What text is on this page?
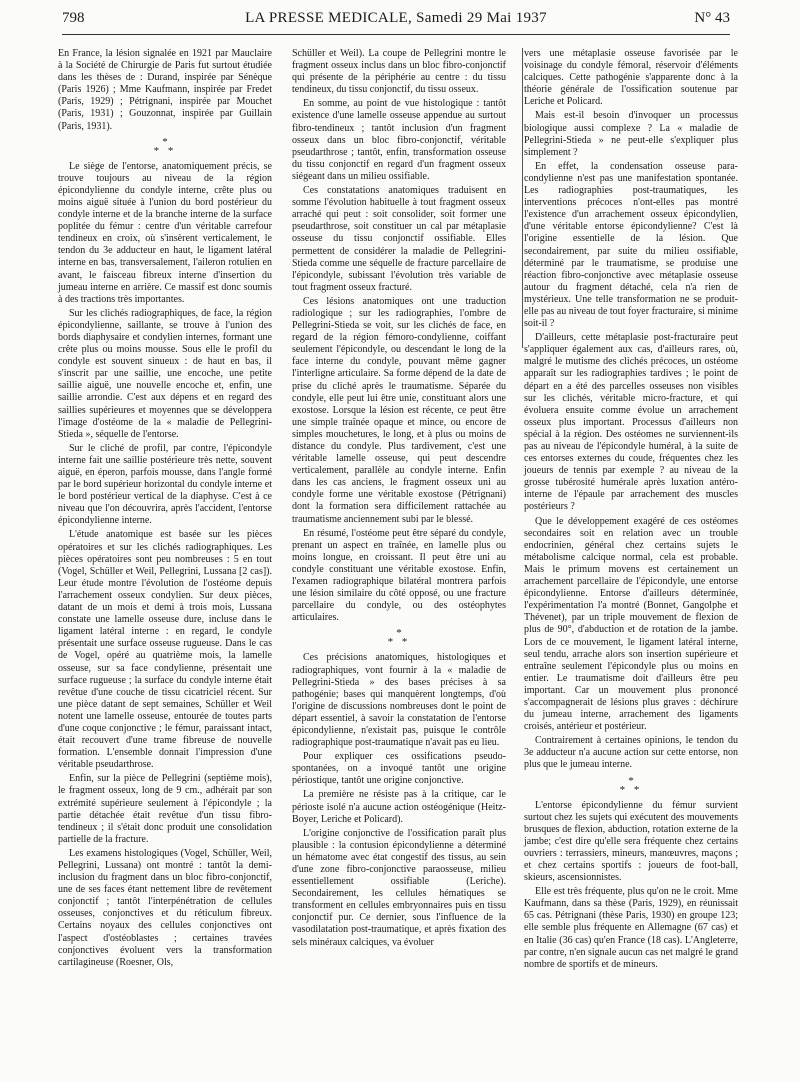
798	LA PRESSE MEDICALE, Samedi 29 Mai 1937	N° 43

En France, la lésion signalée en 1921 par Mauclaire à la Société de Chirurgie de Paris fut surtout étudiée dans les thèses de : Durand, inspirée par Sénèque (Paris 1926) ; Mme Kaufmann, inspirée par Fredet (Paris, 1929) ; Pétrignani, inspirée par Mouchet (Paris, 1931) ; Gouzonnat, inspirée par Guillain (Paris, 1931).

*
* *

Le siège de l'entorse, anatomiquement précis, se trouve toujours au niveau de la région épicondylienne du condyle interne, crête plus ou moins aiguë située à l'union du bord postérieur du condyle interne et de la branche interne de la surface poplitée du fémur : centre d'un véritable carrefour tendineux en croix, où s'insèrent verticalement, le tendon du 3e adducteur en haut, le ligament latéral interne en bas, transversalement, l'aileron rotulien en avant, le faisceau fibreux interne d'insertion du jumeau interne en arrière. Ce massif est donc soumis à des tractions très importantes.

Sur les clichés radiographiques, de face, la région épicondylienne, saillante, se trouve à l'union des bords diaphysaire et condylien internes, formant une crête plus ou moins mousse. Sous elle le profil du condyle est souvent sinueux : de haut en bas, il s'inscrit par une saillie, une encoche, une petite saillie aiguë, une nouvelle encoche et, enfin, une saillie arrondie. C'est aux dépens et en regard des saillies supérieures et moyennes que se développera l'image d'ostéome de la « maladie de Pellegrini-Stieda », séquelle de l'entorse.

Sur le cliché de profil, par contre, l'épicondyle interne fait une saillie postérieure très nette, souvent aiguë, en éperon, parfois mousse, dans l'angle formé par le bord supérieur horizontal du condyle interne et le bord postérieur vertical de la diaphyse. C'est à ce niveau que l'on découvrira, après l'accident, l'entorse épicondylienne interne.

L'étude anatomique est basée sur les pièces opératoires et sur les clichés radiographiques. Les pièces opératoires sont peu nombreuses : 5 en tout (Vogel, Schüller et Weil, Pellegrini, Lussana [2 cas]). Leur étude montre l'évolution de l'ostéome depuis l'arrachement osseux condylien. Sur deux pièces, datant de un mois et demi à trois mois, Lussana constate une lamelle osseuse dure, incluse dans le ligament latéral interne : en regard, le condyle présentait une surface osseuse rugueuse. Dans le cas de Vogel, opéré au quatrième mois, la lamelle osseuse, sur sa face condylienne, présentait une surface rugueuse ; la surface du condyle interne était revêtue d'une couche de tissu cicatriciel récent. Sur une pièce datant de sept semaines, Schüller et Weil notent une lamelle osseuse, entourée de toutes parts d'une coque conjonctive ; le fémur, paraissant intact, était recouvert d'une trame fibreuse de nouvelle formation. L'ensemble donnait l'impression d'une véritable pseudarthrose.

Enfin, sur la pièce de Pellegrini (septième mois), le fragment osseux, long de 9 cm., adhérait par son extrémité supérieure seulement à l'épicondyle ; la partie détachée était revêtue d'un tissu fibro-tendineux ; il s'était donc produit une consolidation partielle de la fracture.

Les examens histologiques (Vogel, Schüller, Weil, Pellegrini, Lussana) ont montré : tantôt la demi-inclusion du fragment dans un bloc fibro-conjonctif, une de ses faces étant nettement libre de revêtement conjonctif ; tantôt l'interpénétration de cellules osseuses, conjonctives et du réticulum fibreux. Certains noyaux des cellules conjonctives ont l'aspect d'ostéoblastes ; certaines travées conjonctives évoluent vers la transformation cartilagineuse (Roesner, Ols,

Schüller et Weil). La coupe de Pellegrini montre le fragment osseux inclus dans un bloc fibro-conjonctif qui présente de la périphérie au centre : du tissu tendineux, du tissu conjonctif, du tissu osseux.

En somme, au point de vue histologique : tantôt existence d'une lamelle osseuse appendue au surtout fibro-tendineux ; tantôt inclusion d'un fragment osseux dans un bloc fibro-conjonctif, véritable pseudarthrose ; tantôt, enfin, transformation osseuse du tissu conjonctif en regard d'un fragment osseux siégeant dans un milieu ossifiable.

Ces constatations anatomiques traduisent en somme l'évolution habituelle à tout fragment osseux arraché qui peut : soit consolider, soit former une pseudarthrose, soit constituer un cal par métaplasie osseuse du tissu conjonctif ossifiable. Elles permettent de considérer la maladie de Pellegrini-Stieda comme une séquelle de fracture parcellaire de l'épicondyle, subissant l'évolution très variable de tout fragment osseux fracturé.

Ces lésions anatomiques ont une traduction radiologique ; sur les radiographies, l'ombre de Pellegrini-Stieda se voit, sur les clichés de face, en regard de la région fémoro-condylienne, coiffant seulement l'épicondyle, ou descendant le long de la face interne du condyle, pouvant même gagner l'interligne articulaire. Sa forme dépend de la date de prise du cliché après le traumatisme. Séparée du condyle, elle peut lui être unie, constituant alors une exostose. Lorsque la lésion est récente, ce peut être une simple traînée opaque et mince, ou encore de simples mouchetures, le long, et à plus ou moins de distance du condyle. Plus tardivement, c'est une véritable lamelle osseuse, qui peut descendre verticalement, parallèle au condyle interne. Enfin dans les cas anciens, le fragment osseux uni au condyle forme une véritable exostose (Pétrignani) dont la formation sera difficilement rattachée au traumatisme anciennement subi par le blessé.

En résumé, l'ostéome peut être séparé du condyle, prenant un aspect en traînée, en lamelle plus ou moins longue, en croissant. Il peut être uni au condyle constituant une véritable exostose. Enfin, l'examen radiographique bilatéral montrera parfois une lésion similaire du côté opposé, ou une fracture parcellaire du condyle, ou des ostéophytes articulaires.

*
* *

Ces précisions anatomiques, histologiques et radiographiques, vont fournir à la « maladie de Pellegrini-Stieda » des bases précises à sa pathogénie; bases qui manquèrent longtemps, d'où l'origine de discussions nombreuses dont le point de départ essentiel, à savoir la constatation de l'entorse épicondylienne, n'existait pas, puisque le contrôle radiographique post-traumatique n'avait pas eu lieu.

Pour expliquer ces ossifications pseudo-spontanées, on a invoqué tantôt une origine périostique, tantôt une origine conjonctive.

La première ne résiste pas à la critique, car le périoste isolé n'a aucune action ostéogénique (Heitz-Boyer, Leriche et Policard).

L'origine conjonctive de l'ossification paraît plus plausible : la contusion épicondylienne a déterminé un hématome avec état congestif des tissus, au sein d'une zone fibro-conjonctive paraosseuse, milieu essentiellement ossifiable (Leriche). Secondairement, les cellules hématiques se transforment en cellules embryonnaires puis en tissu conjonctif pur. Ce dernier, sous l'influence de la vasodilatation post-traumatique, et après fixation des sels minéraux calciques, va évoluer

vers une métaplasie osseuse favorisée par le voisinage du condyle fémoral, réservoir d'éléments calciques. Cette pathogénie s'apparente donc à la théorie générale de l'ossification soutenue par Leriche et Policard.

Mais est-il besoin d'invoquer un processus biologique aussi complexe ? La « maladie de Pellegrini-Stieda » ne peut-elle s'expliquer plus simplement ?

En effet, la condensation osseuse para-condylienne n'est pas une manifestation spontanée. Les radiographies post-traumatiques, les interventions précoces n'ont-elles pas montré l'existence d'un arrachement osseux épicondylien, d'une véritable entorse épicondylienne? C'est là l'origine essentielle de la lésion. Que secondairement, par suite du milieu ossifiable, déterminé par le traumatisme, se produise une réaction fibro-conjonctive avec métaplasie osseuse autour du fragment détaché, cela n'a rien de mystérieux. Une telle transformation ne se produit-elle pas au niveau de tout foyer fracturaire, si minime soit-il ?

D'ailleurs, cette métaplasie post-fracturaire peut s'appliquer également aux cas, d'ailleurs rares, où, malgré le mutisme des clichés précoces, un ostéome apparaît sur les radiographies tardives ; le point de départ en a été des parcelles osseuses non visibles sur les clichés, véritable micro-fracture, et qui évoluera ensuite comme évolue un arrachement osseux plus important. Processus d'ailleurs non spécial à la région. Des ostéomes ne surviennent-ils pas au niveau de l'épicondyle huméral, à la suite de ces entorses externes du coude, fréquentes chez les joueurs de tennis par exemple ? au niveau de la grosse tubérosité humérale après luxation antéro-interne de l'épaule par arrachement des muscles postérieurs ?

Que le développement exagéré de ces ostéomes secondaires soit en relation avec un trouble endocrinien, général chez certains sujets le métabolisme calcique normal, cela est probable. Mais le primum movens est certainement un arrachement parcellaire de l'épicondyle, une entorse épicondylienne. Entorse d'ailleurs déterminée, l'expérimentation l'a montré (Bonnet, Gangolphe et Thévenet), par un triple mouvement de flexion de plus de 90°, d'abduction et de rotation de la jambe. Lors de ce mouvement, le ligament latéral interne, seul tendu, arrache alors son insertion supérieure et entraîne seulement l'épicondyle plus ou moins en entier. Le traumatisme doit d'ailleurs être peu important. Car un mouvement plus prononcé s'accompagnerait de lésions plus graves : déchirure du jumeau interne, arrachement des ligaments croisés, antérieur et postérieur.

Contrairement à certaines opinions, le tendon du 3e adducteur n'a aucune action sur cette entorse, non plus que le jumeau interne.

*
* *

L'entorse épicondylienne du fémur survient surtout chez les sujets qui exécutent des mouvements brusques de flexion, abduction, rotation externe de la jambe; c'est dire qu'elle sera fréquente chez certains ouvriers : terrassiers, mineurs, manœuvres, maçons ; et chez certains sportifs : joueurs de foot-ball, skieurs, ascensionnistes.

Elle est très fréquente, plus qu'on ne le croit. Mme Kaufmann, dans sa thèse (Paris, 1929), en réunissait 65 cas. Pétrignani (thèse Paris, 1930) en groupe 123; elle semble plus fréquente en Allemagne (67 cas) et en Italie (36 cas) qu'en France (18 cas). L'Angleterre, par contre, n'en signale aucun cas net malgré le grand nombre de sportifs et de mineurs.
